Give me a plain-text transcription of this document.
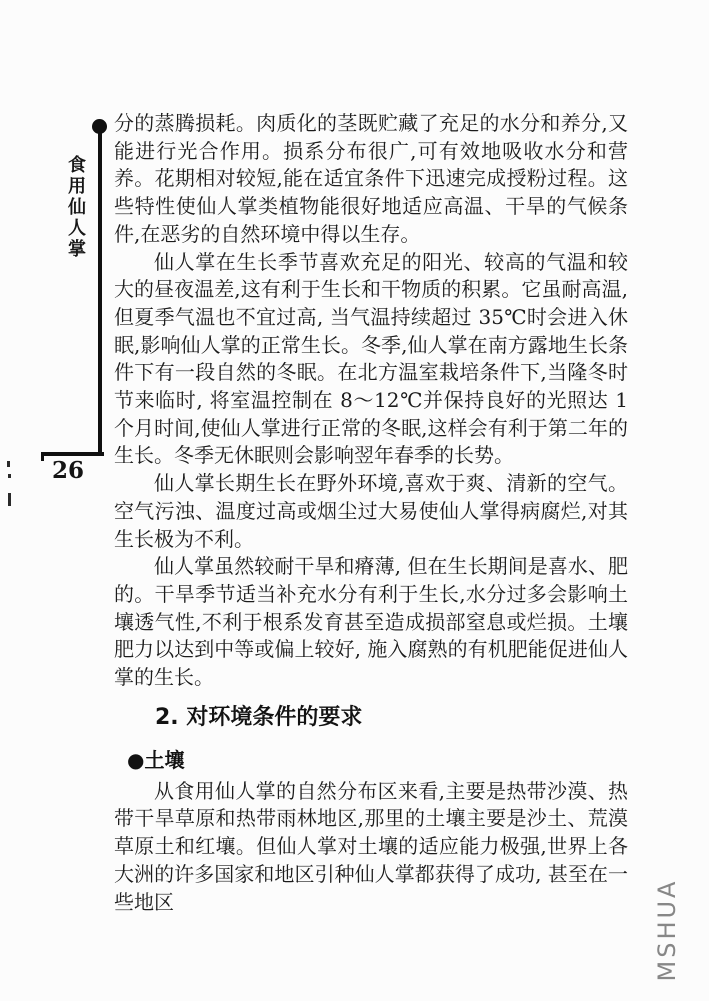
食用仙人掌
26

分的蒸腾损耗。肉质化的茎既贮藏了充足的水分和养分,又能进行光合作用。损系分布很广,可有效地吸收水分和营养。花期相对较短,能在适宜条件下迅速完成授粉过程。这些特性使仙人掌类植物能很好地适应高温、干旱的气候条件,在恶劣的自然环境中得以生存。

仙人掌在生长季节喜欢充足的阳光、较高的气温和较大的昼夜温差,这有利于生长和干物质的积累。它虽耐高温,但夏季气温也不宜过高, 当气温持续超过 35℃时会进入休眠,影响仙人掌的正常生长。冬季,仙人掌在南方露地生长条件下有一段自然的冬眠。在北方温室栽培条件下,当隆冬时节来临时, 将室温控制在 8～12℃并保持良好的光照达 1 个月时间,使仙人掌进行正常的冬眠,这样会有利于第二年的生长。冬季无休眠则会影响翌年春季的长势。

仙人掌长期生长在野外环境,喜欢于爽、清新的空气。空气污浊、温度过高或烟尘过大易使仙人掌得病腐烂,对其生长极为不利。

仙人掌虽然较耐干旱和瘠薄, 但在生长期间是喜水、肥的。干旱季节适当补充水分有利于生长,水分过多会影响土壤透气性,不利于根系发育甚至造成损部窒息或烂损。土壤肥力以达到中等或偏上较好, 施入腐熟的有机肥能促进仙人掌的生长。

2. 对环境条件的要求
●土壤

从食用仙人掌的自然分布区来看,主要是热带沙漠、热带干旱草原和热带雨林地区,那里的土壤主要是沙土、荒漠草原土和红壤。但仙人掌对土壤的适应能力极强,世界上各大洲的许多国家和地区引种仙人掌都获得了成功, 甚至在一些地区	MSHUA
